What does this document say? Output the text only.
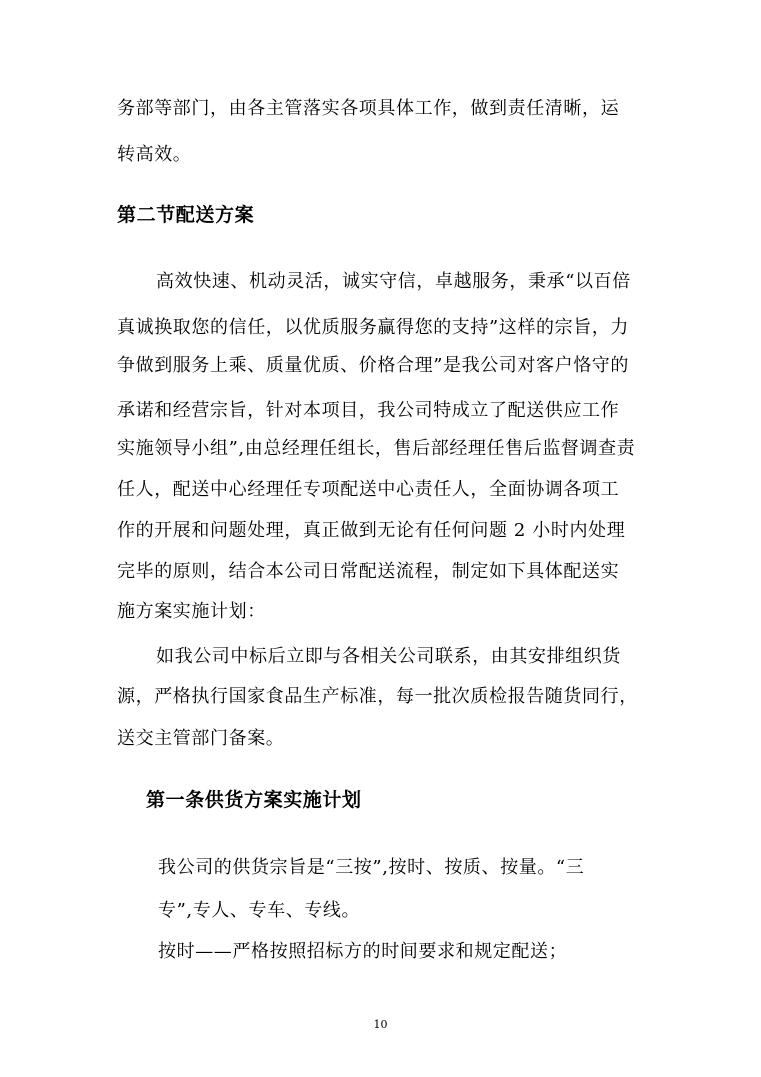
务部等部门，由各主管落实各项具体工作，做到责任清晰，运
转高效。
第二节配送方案
高效快速、机动灵活，诚实守信，卓越服务，秉承“以百倍
真诚换取您的信任，以优质服务赢得您的支持”这样的宗旨，力
争做到服务上乘、质量优质、价格合理”是我公司对客户恪守的
承诺和经营宗旨，针对本项目，我公司特成立了配送供应工作
实施领导小组”,由总经理任组长，售后部经理任售后监督调查责
任人，配送中心经理任专项配送中心责任人，全面协调各项工
作的开展和问题处理，真正做到无论有任何问题 2 小时内处理
完毕的原则，结合本公司日常配送流程，制定如下具体配送实
施方案实施计划：
如我公司中标后立即与各相关公司联系，由其安排组织货
源，严格执行国家食品生产标准，每一批次质检报告随货同行，
送交主管部门备案。
第一条供货方案实施计划
我公司的供货宗旨是“三按”,按时、按质、按量。“三
专”,专人、专车、专线。
按时——严格按照招标方的时间要求和规定配送；
10
